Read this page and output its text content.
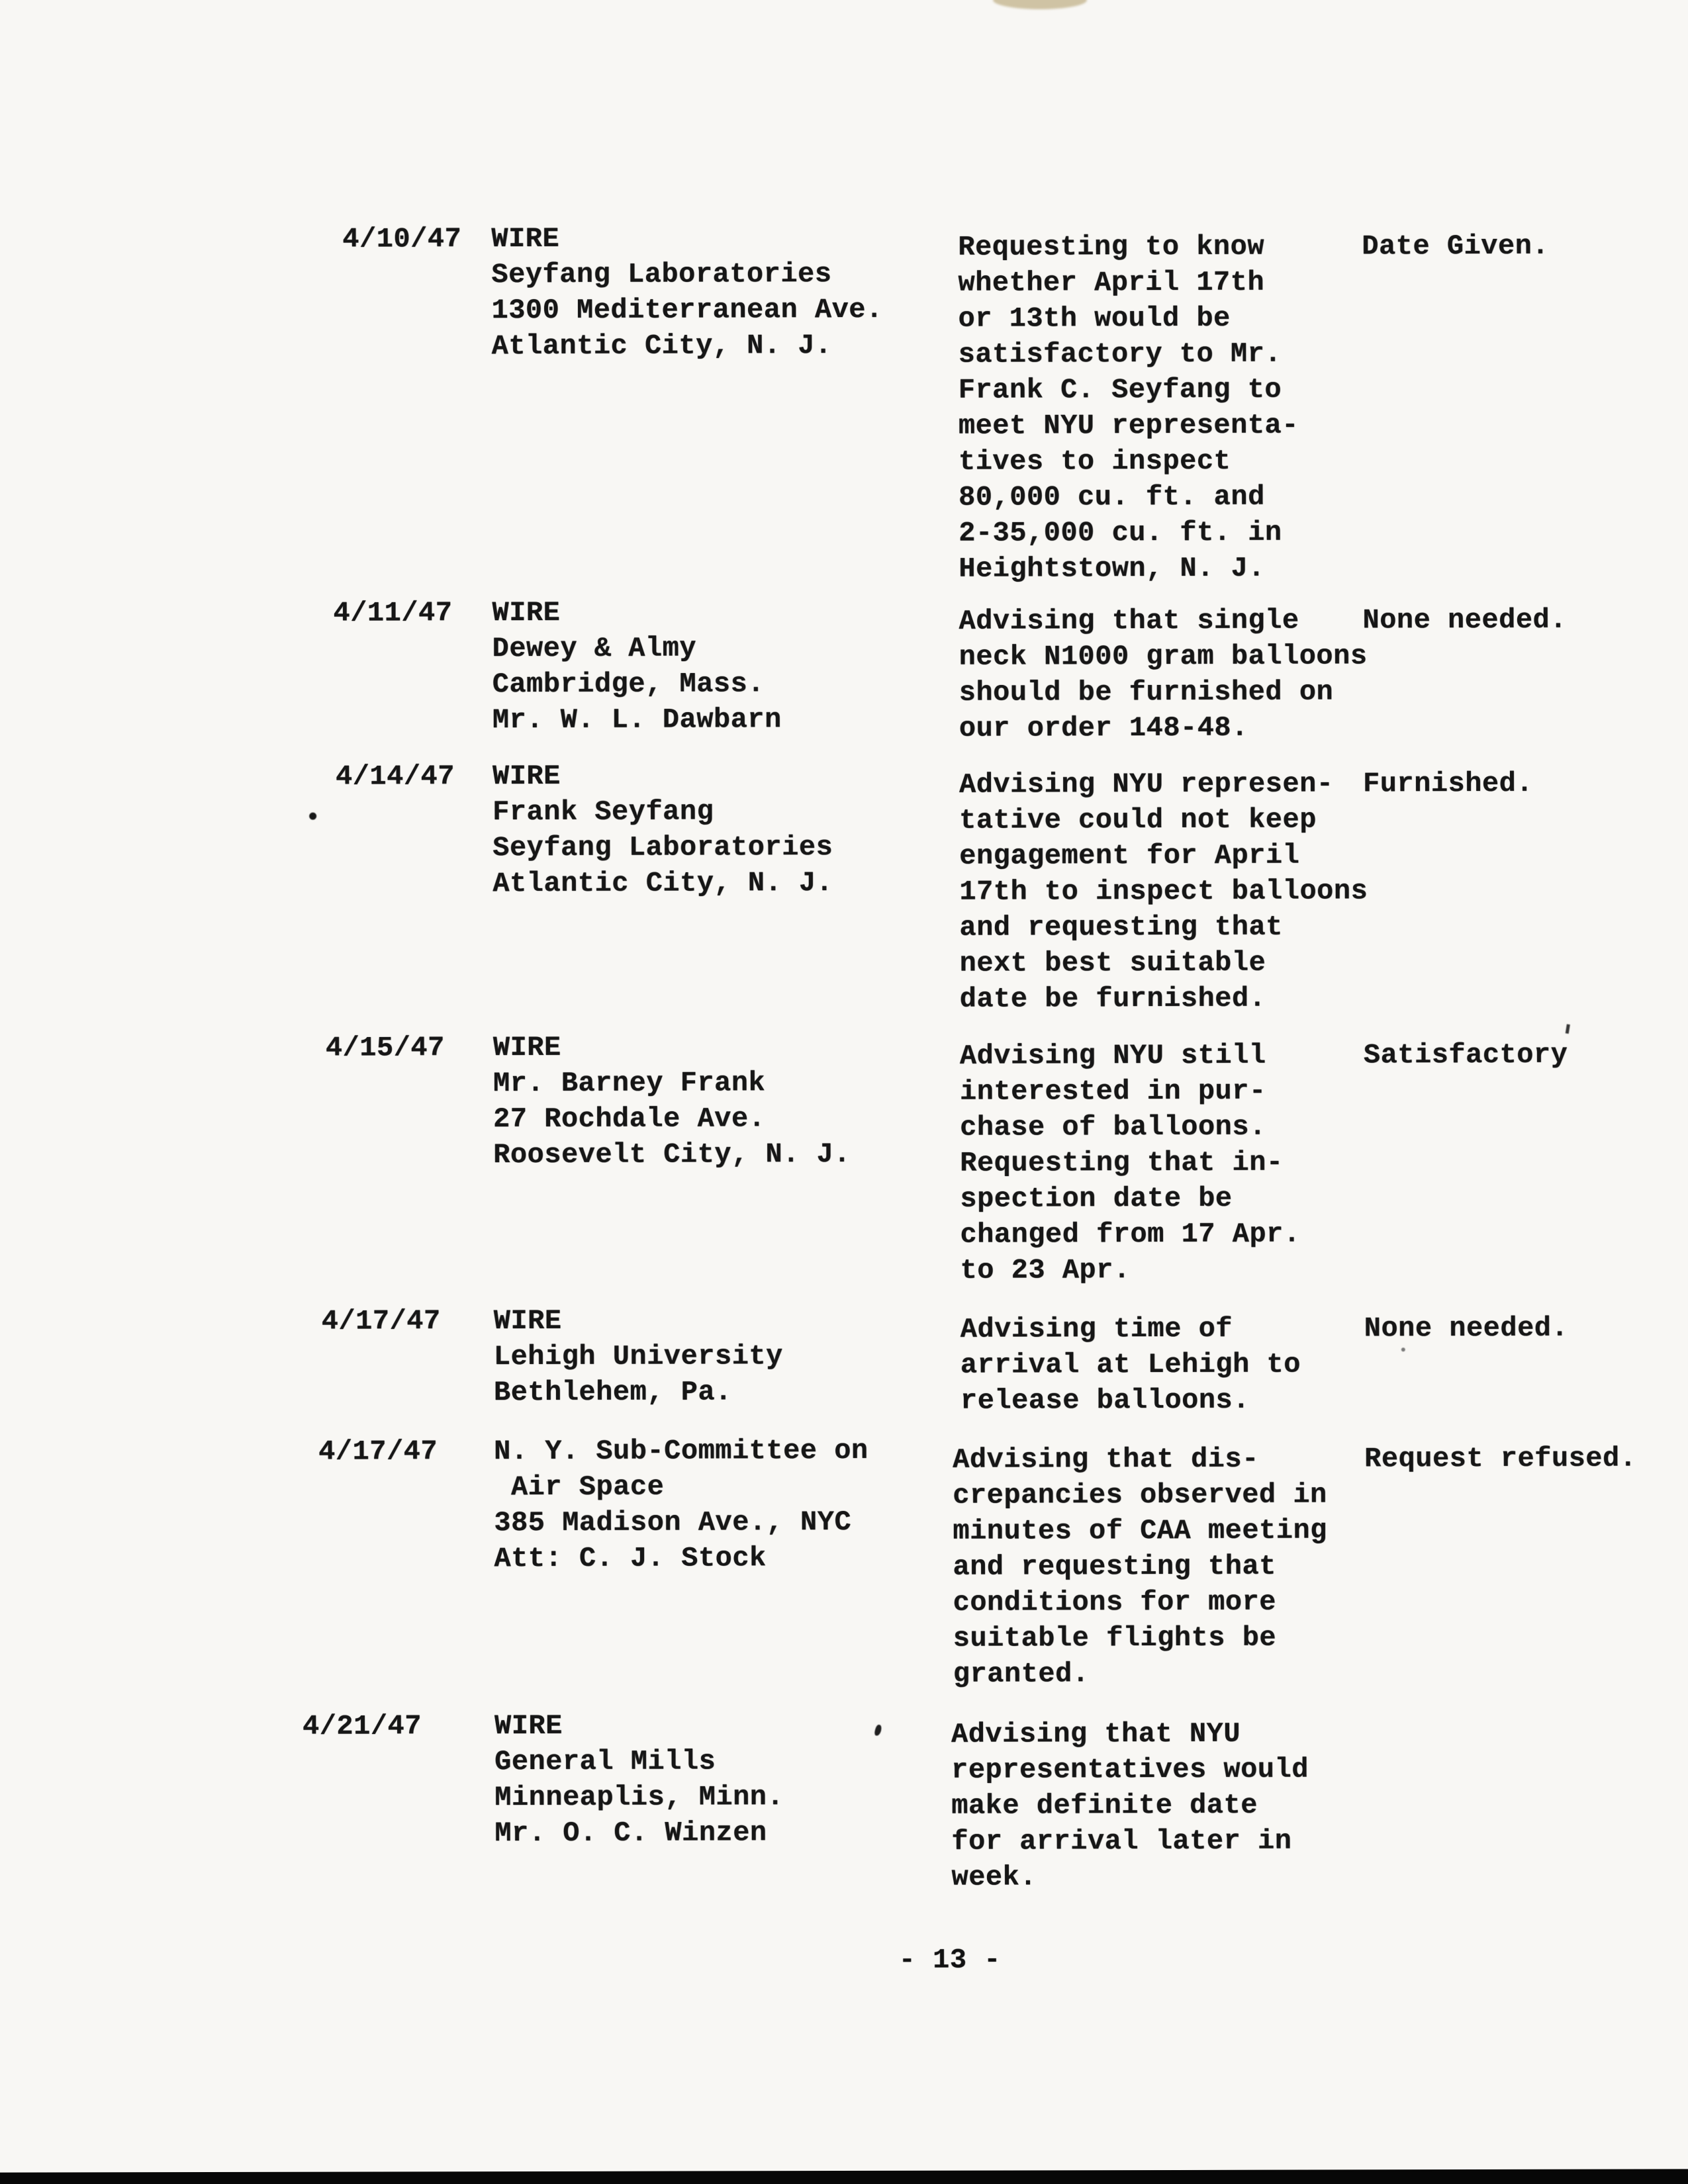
4/10/47 WIRE
Seyfang Laboratories
1300 Mediterranean Ave.
Atlantic City, N. J.
Requesting to know
whether April 17th
or 13th would be
satisfactory to Mr.
Frank C. Seyfang to
meet NYU representa-
tives to inspect
80,000 cu. ft. and
2-35,000 cu. ft. in
Heightstown, N. J.
Date Given.
4/11/47 WIRE
Dewey & Almy
Cambridge, Mass.
Mr. W. L. Dawbarn
Advising that single
neck N1000 gram balloons
should be furnished on
our order 148-48.
None needed.
4/14/47 WIRE
Frank Seyfang
Seyfang Laboratories
Atlantic City, N. J.
Advising NYU represen-
tative could not keep
engagement for April
17th to inspect balloons
and requesting that
next best suitable
date be furnished.
Furnished.
4/15/47 WIRE
Mr. Barney Frank
27 Rochdale Ave.
Roosevelt City, N. J.
Advising NYU still
interested in pur-
chase of balloons.
Requesting that in-
spection date be
changed from 17 Apr.
to 23 Apr.
Satisfactory
4/17/47 WIRE
Lehigh University
Bethlehem, Pa.
Advising time of
arrival at Lehigh to
release balloons.
None needed.
4/17/47 N. Y. Sub-Committee on
Air Space
385 Madison Ave., NYC
Att: C. J. Stock
Advising that dis-
crepancies observed in
minutes of CAA meeting
and requesting that
conditions for more
suitable flights be
granted.
Request refused.
4/21/47	WIRE
General Mills
Minneaplis, Minn.
Mr. O. C. Winzen
Advising that NYU
representatives would
make definite date
for arrival later in
week.
- 13 -
